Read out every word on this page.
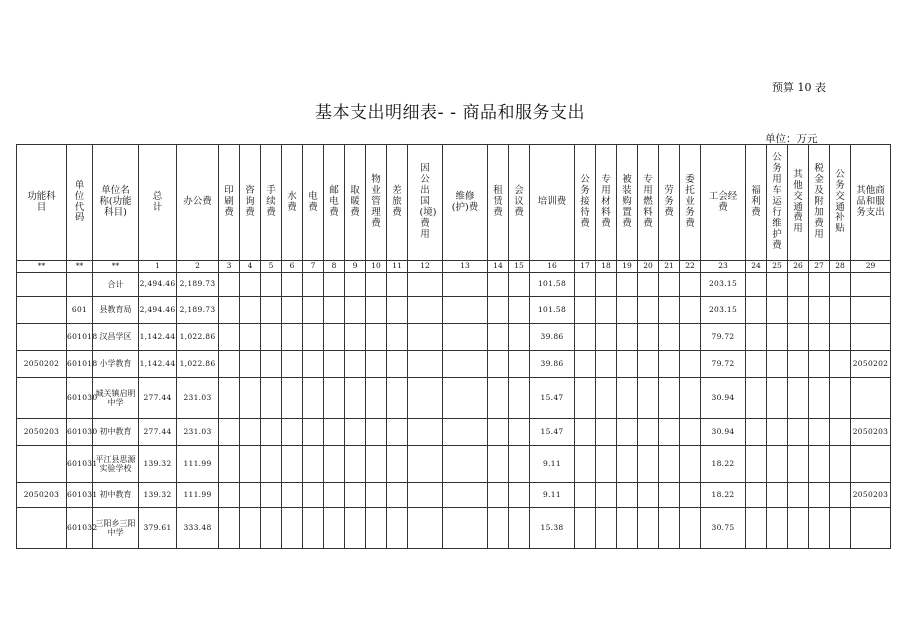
预算 10 表
基本支出明细表- - 商品和服务支出
单位：万元
功能科目	单位代码	单位名称(功能科目)	总计	办公费	印刷费	咨询费	手续费	水费	电费	邮电费	取暖费	物业管理费	差旅费	因公出国(境)费用	维修(护)费	租赁费	会议费	培训费	公务接待费	专用材料费	被装购置费	专用燃料费	劳务费	委托业务费	工会经费	福利费	公务用车运行维护费	其他交通费用	税金及附加费用	公务交通补贴	其他商品和服务支出	
**	**	**	1	2	3	4	5	6	7	8	9	10	11	12	13	14	15	16	17	18	19	20	21	22	23	24	25	26	27	28	29	
		合计	2,494.46	2,189.73														101.58							203.15							
	601	县教育局	2,494.46	2,189.73														101.58							203.15							
	601018	汉昌学区	1,142.44	1,022.86														39.86							79.72							
2050202	601018	小学教育	1,142.44	1,022.86														39.86							79.72						2050202	
	601030	城关镇启明中学	277.44	231.03														15.47							30.94							
2050203	601030	初中教育	277.44	231.03														15.47							30.94						2050203	
	601031	平江县思源实验学校	139.32	111.99														9.11							18.22							
2050203	601031	初中教育	139.32	111.99														9.11							18.22						2050203	
	601032	三阳乡三阳中学	379.61	333.48														15.38							30.75							
